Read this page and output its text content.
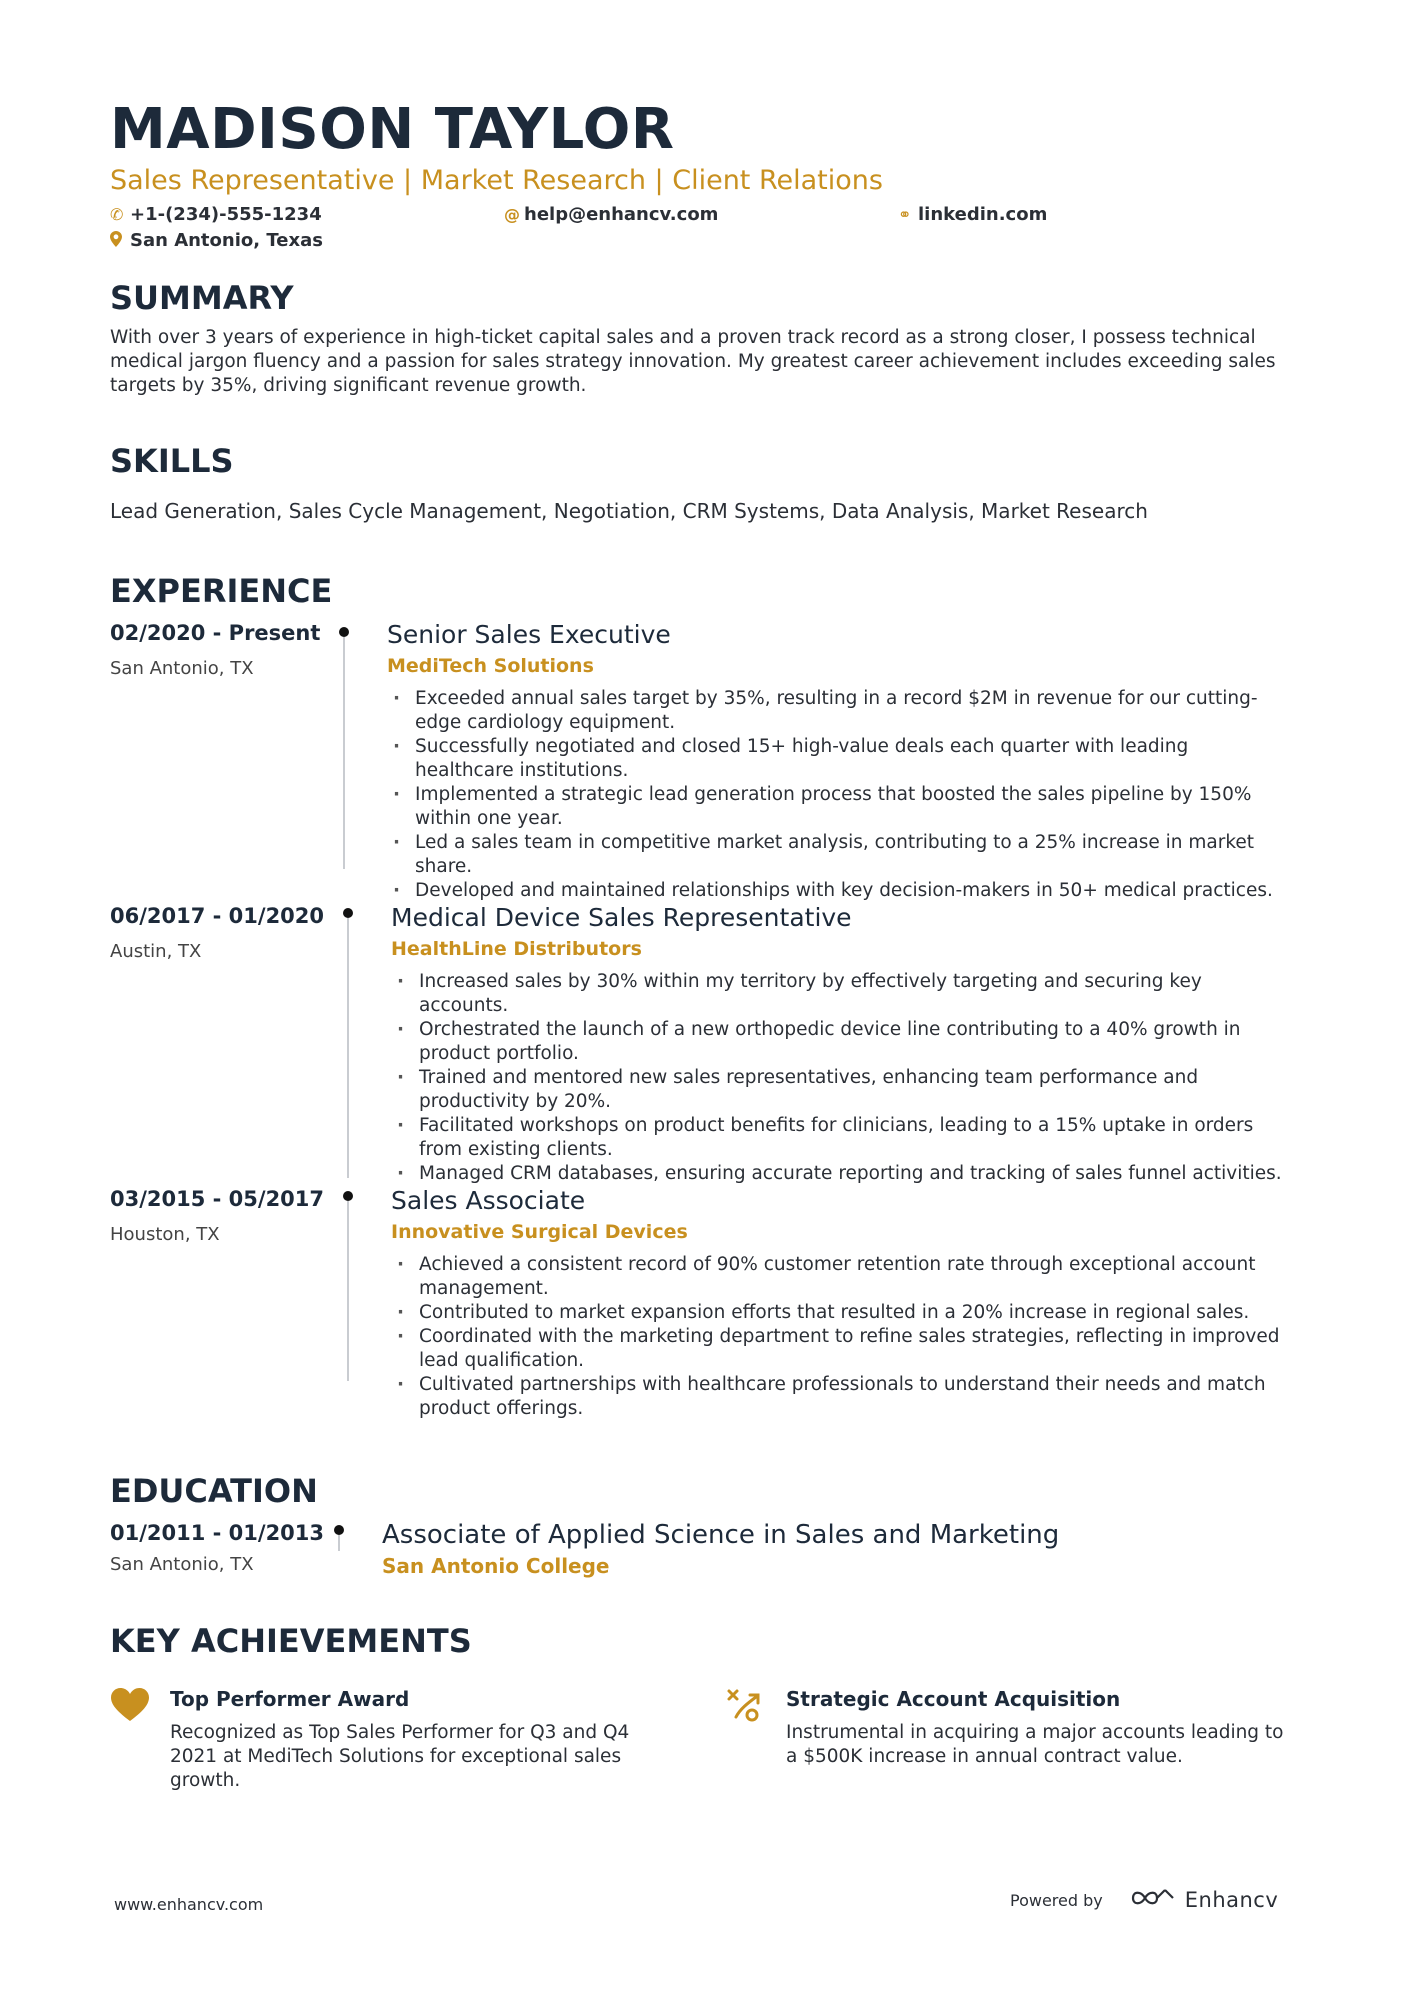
MADISON TAYLOR
Sales Representative | Market Research | Client Relations
✆ +1-(234)-555-1234	@ help@enhancv.com	⚭ linkedin.com
San Antonio, Texas
SUMMARY

With over 3 years of experience in high-ticket capital sales and a proven track record as a strong closer, I possess technical medical jargon fluency and a passion for sales strategy innovation. My greatest career achievement includes exceeding sales targets by 35%, driving significant revenue growth.

SKILLS

Lead Generation, Sales Cycle Management, Negotiation, CRM Systems, Data Analysis, Market Research

EXPERIENCE
02/2020 - Present
San Antonio, TX
Senior Sales Executive
MediTech Solutions
· Exceeded annual sales target by 35%, resulting in a record $2M in revenue for our cutting-edge cardiology equipment.
· Successfully negotiated and closed 15+ high-value deals each quarter with leading healthcare institutions.
· Implemented a strategic lead generation process that boosted the sales pipeline by 150% within one year.
· Led a sales team in competitive market analysis, contributing to a 25% increase in market share.
· Developed and maintained relationships with key decision-makers in 50+ medical practices.
06/2017 - 01/2020
Austin, TX
Medical Device Sales Representative
HealthLine Distributors
· Increased sales by 30% within my territory by effectively targeting and securing key accounts.
· Orchestrated the launch of a new orthopedic device line contributing to a 40% growth in product portfolio.
· Trained and mentored new sales representatives, enhancing team performance and productivity by 20%.
· Facilitated workshops on product benefits for clinicians, leading to a 15% uptake in orders from existing clients.
· Managed CRM databases, ensuring accurate reporting and tracking of sales funnel activities.
03/2015 - 05/2017
Houston, TX
Sales Associate
Innovative Surgical Devices
· Achieved a consistent record of 90% customer retention rate through exceptional account management.
· Contributed to market expansion efforts that resulted in a 20% increase in regional sales.
· Coordinated with the marketing department to refine sales strategies, reflecting in improved lead qualification.
· Cultivated partnerships with healthcare professionals to understand their needs and match product offerings.
EDUCATION
01/2011 - 01/2013
San Antonio, TX
Associate of Applied Science in Sales and Marketing
San Antonio College
KEY ACHIEVEMENTS
Top Performer Award
Recognized as Top Sales Performer for Q3 and Q4 2021 at MediTech Solutions for exceptional sales growth.
Strategic Account Acquisition
Instrumental in acquiring a major accounts leading to a $500K increase in annual contract value.
www.enhancv.com	Powered by	Enhancv
